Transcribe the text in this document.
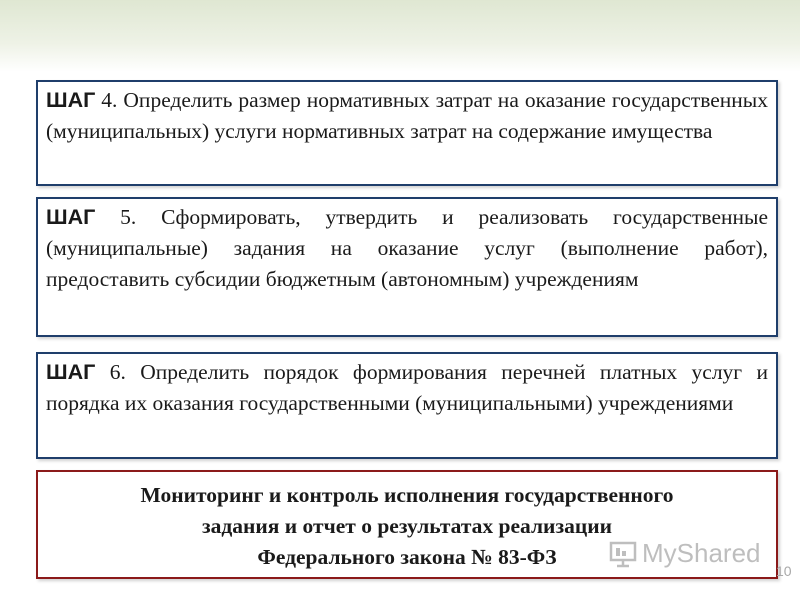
ШАГ 4. Определить размер нормативных затрат на оказание государственных (муниципальных) услуги нормативных затрат на содержание имущества
ШАГ 5. Сформировать, утвердить и реализовать государственные (муниципальные) задания на оказание услуг (выполнение работ), предоставить субсидии бюджетным (автономным) учреждениям
ШАГ 6. Определить порядок формирования перечней платных услуг и порядка их оказания государственными (муниципальными) учреждениями
Мониторинг и контроль исполнения государственного
задания и отчет о результатах реализации
Федерального закона № 83-ФЗ	MyShared
10
